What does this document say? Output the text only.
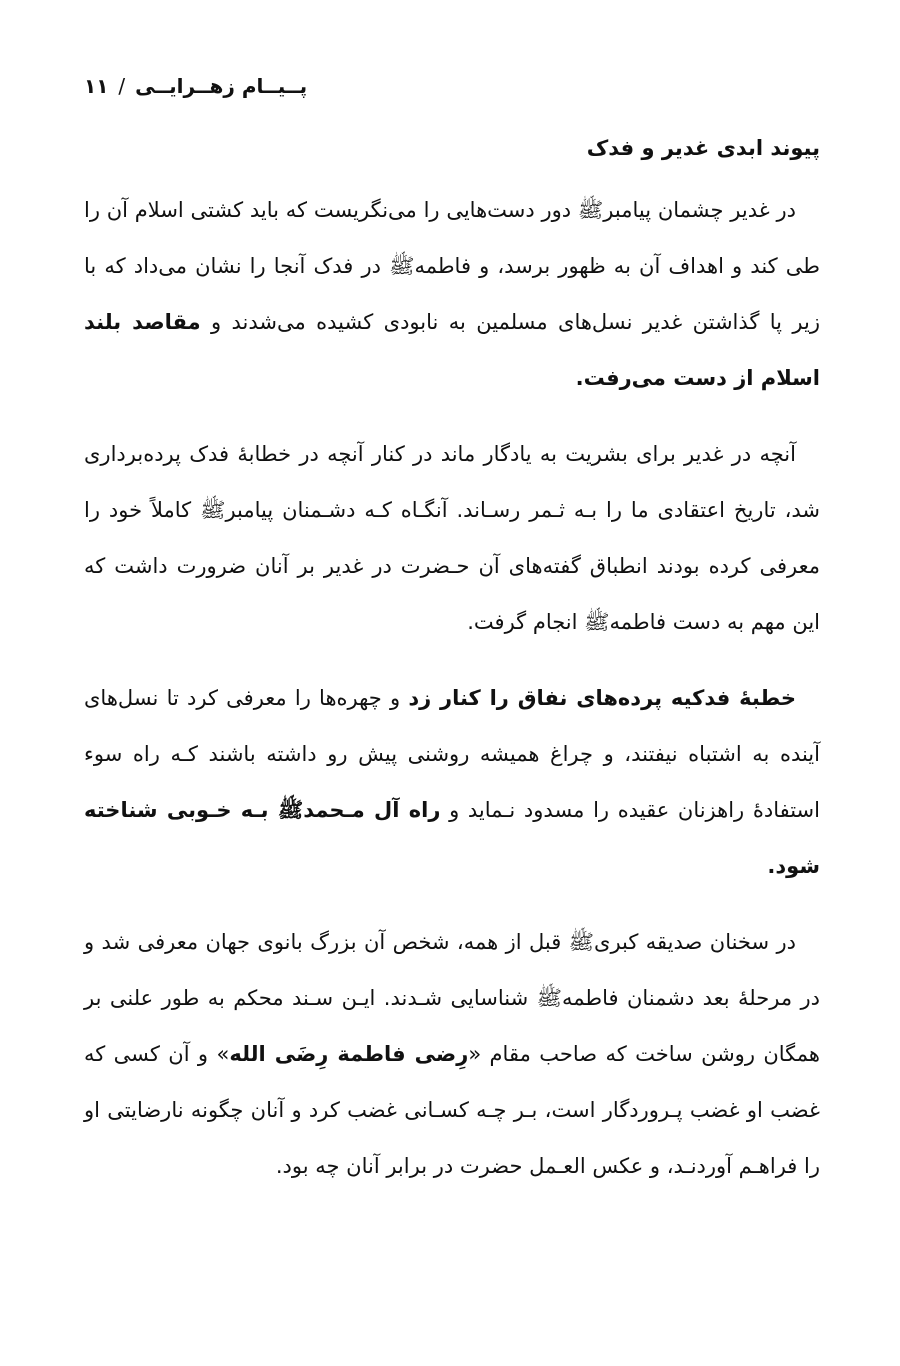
پــیــام زهــرایــی/۱۱
پیوند ابدی غدیر و فدک

در غدیر چشمان پیامبرﷺ دور دست‌هایی را می‌نگریست که باید کشتی اسلام آن را طی کند و اهداف آن به ظهور برسد، و فاطمه‌ﷺ در فدک آنجا را نشان می‌داد که با زیر پا گذاشتن غدیر نسل‌های مسلمین به نابودی کشیده می‌شدند و مقاصد بلند اسلام از دست می‌رفت.

آنچه در غدیر برای بشریت به یادگار ماند در کنار آنچه در خطابهٔ فدک پرده‌برداری شد، تاریخ اعتقادی ما را بـه ثـمر رسـاند. آنگـاه کـه دشـمنان پیامبرﷺ کاملاً خود را معرفی کرده بودند انطباق گفته‌های آن حـضرت در غدیر بر آنان ضرورت داشت که این مهم به دست فاطمه‌ﷺ انجام گرفت.

خطبهٔ فدکیه پرده‌های نفاق را کنار زد و چهره‌ها را معرفی کرد تا نسل‌های آینده به اشتباه نیفتند، و چراغ همیشه روشنی پیش رو داشته باشند کـه راه سوء استفادهٔ راهزنان عقیده را مسدود نـماید و راه آل مـحمدﷺ بـه خـوبی شناخته شود.

در سخنان صدیقه کبری‌ﷺ قبل از همه، شخص آن بزرگ بانوی جهان معرفی شد و در مرحلهٔ بعد دشمنان فاطمه‌ﷺ شناسایی شـدند. ایـن سـند محکم به طور علنی بر همگان روشن ساخت که صاحب مقام «رِضی فاطمة رِضَی الله» و آن کسی که غضب او غضب پـروردگار است، بـر چـه کسـانی غضب کرد و آنان چگونه نارضایتی او را فراهـم آوردنـد، و عکس العـمل حضرت در برابر آنان چه بود.
